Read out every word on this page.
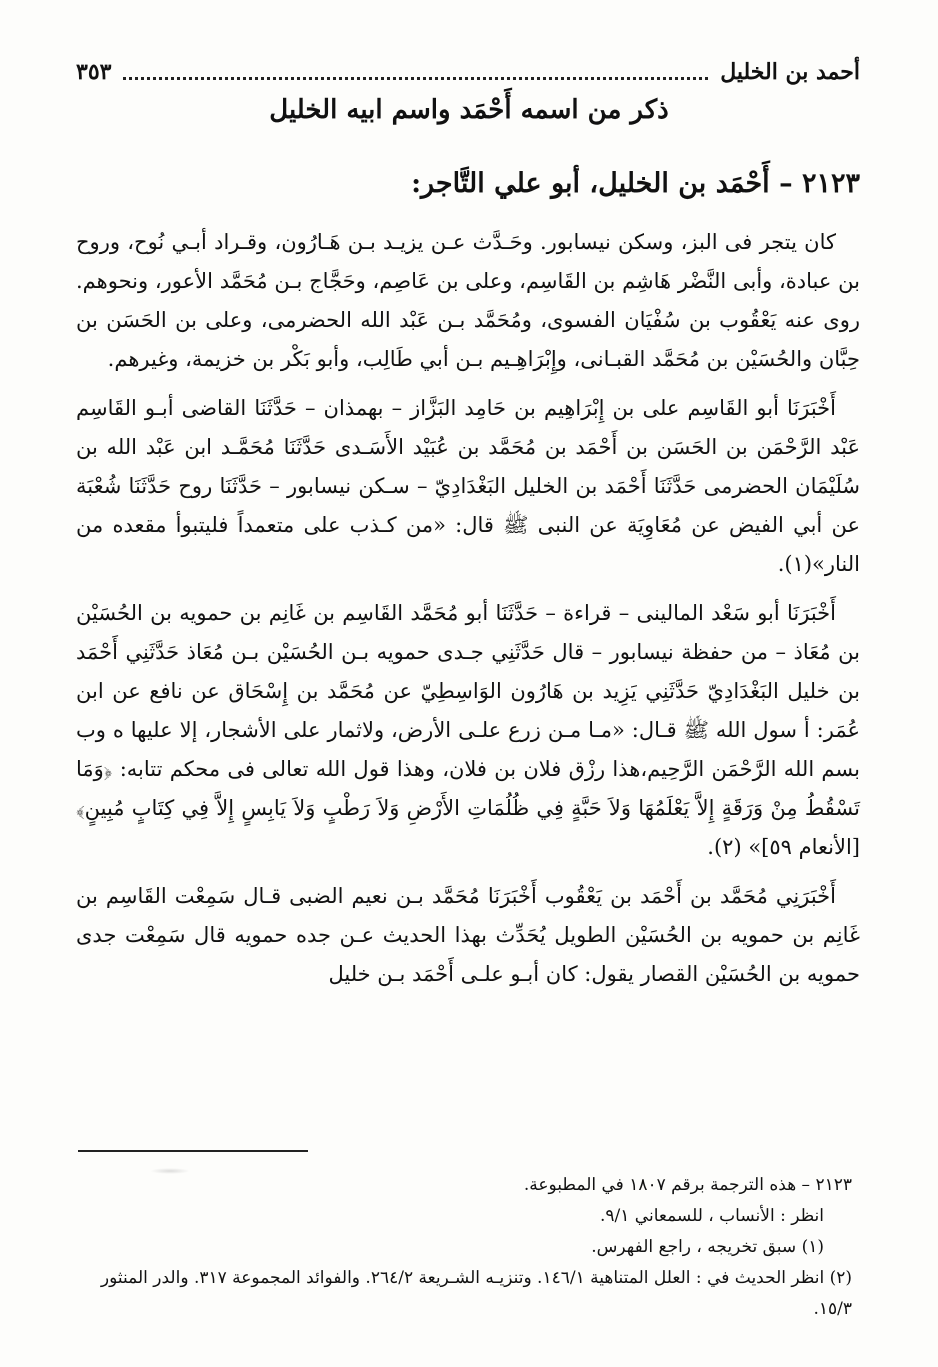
أحمد بن الخليل
٣٥٣
ذكر من اسمه أَحْمَد واسم ابيه الخليل
٢١٢٣ – أَحْمَد بن الخليل، أبو علي التَّاجر:

كان يتجر فى البز، وسكن نيسابور. وحَـدَّث عـن يزيـد بـن هَـارُون، وقـراد أبـي نُوح، وروح بن عبادة، وأبى النَّضْر هَاشِم بن القَاسِم، وعلى بن عَاصِم، وحَجَّاج بـن مُحَمَّد الأعور، ونحوهم. روى عنه يَعْقُوب بن سُفْيَان الفسوى، ومُحَمَّد بـن عَبْد الله الحضرمى، وعلى بن الحَسَن بن حِبَّان والحُسَيْن بن مُحَمَّد القبـانى، وإِبْرَاهِـيم بـن أبي طَالِب، وأبو بَكْر بن خزيمة، وغيرهم.

أَخْبَرَنَا أبو القَاسِم على بن إِبْرَاهِيم بن حَامِد البَزَّاز – بهمذان – حَدَّثَنَا القاضى أبـو القَاسِم عَبْد الرَّحْمَن بن الحَسَن بن أَحْمَد بن مُحَمَّد بن عُبَيْد الأَسَـدى حَدَّثَنَا مُحَمَّـد ابن عَبْد الله بن سُلَيْمَان الحضرمى حَدَّثَنَا أَحْمَد بن الخليل البَغْدَادِيّ – سـكن نيسابور – حَدَّثَنَا روح حَدَّثَنَا شُعْبَة عن أبي الفيض عن مُعَاوِيَة عن النبى ﷺ قال: «من كـذب على متعمداً فليتبوأ مقعده من النار»(١).

أَخْبَرَنَا أبو سَعْد المالينى – قراءة – حَدَّثَنَا أبو مُحَمَّد القَاسِم بن غَانِم بن حمويه بن الحُسَيْن بن مُعَاذ – من حفظة نيسابور – قال حَدَّثَنِي جـدى حمويه بـن الحُسَيْن بـن مُعَاذ حَدَّثَنِي أَحْمَد بن خليل البَغْدَادِيّ حَدَّثَنِي يَزِيد بن هَارُون الوَاسِطِيّ عن مُحَمَّد بن إِسْحَاق عن نافع عن ابن عُمَر: أ سول الله ﷺ قـال: «مـا مـن زرع علـى الأرض، ولاثمار على الأشجار، إلا عليها ه وب بسم الله الرَّحْمَن الرَّحِيم،هذا رزْق فلان بن فلان، وهذا قول الله تعالى فى محكم تتابه: ﴿وَمَا تَسْقُطُ مِنْ وَرَقَةٍ إِلاَّ يَعْلَمُهَا وَلاَ حَبَّةٍ فِي ظُلُمَاتِ الأَرْضِ وَلاَ رَطْبٍ وَلاَ يَابِسٍ إِلاَّ فِي كِتَابٍ مُبِينٍ﴾ [الأنعام ٥٩]» (٢).

أَخْبَرَنِي مُحَمَّد بن أَحْمَد بن يَعْقُوب أَخْبَرَنَا مُحَمَّد بـن نعيم الضبى قـال سَمِعْت القَاسِم بن غَانِم بن حمويه بن الحُسَيْن الطويل يُحَدِّث بهذا الحديث عـن جده حمويه قال سَمِعْت جدى حمويه بن الحُسَيْن القصار يقول: كان أبـو علـى أَحْمَد بـن خليل

٢١٢٣ – هذه الترجمة برقم ١٨٠٧ في المطبوعة.

انظر : الأنساب ، للسمعاني ٩/١.

(١) سبق تخريجه ، راجع الفهرس.

(٢) انظر الحديث في : العلل المتناهية ١٤٦/١. وتنزيـه الشـريعة ٢٦٤/٢. والفوائد المجموعة ٣١٧. والدر المنثور ١٥/٣.
